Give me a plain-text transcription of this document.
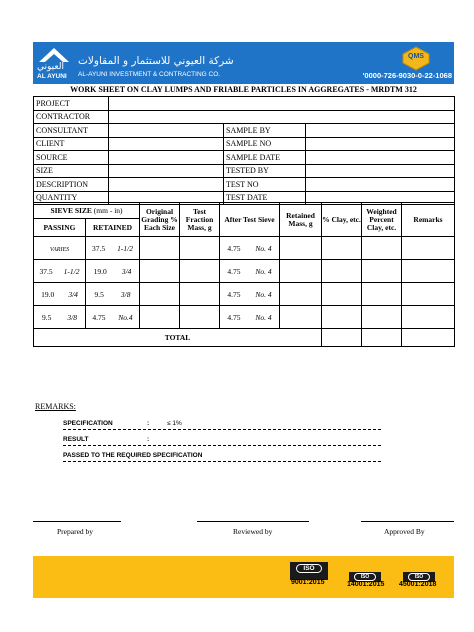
العيوني
AL AYUNI
شركة العيوني للاستثمار و المقاولات
AL-AYUNI INVESTMENT & CONTRACTING CO.
QMS
'0000-726-9030-0-22-1068
WORK SHEET ON CLAY LUMPS AND FRIABLE PARTICLES IN AGGREGATES - MRDTM 312
PROJECT			
CONTRACTOR			
CONSULTANT		SAMPLE BY	
CLIENT		SAMPLE NO	
SOURCE		SAMPLE DATE	
SIZE		TESTED BY	
DESCRIPTION		TEST NO	
QUANTITY		TEST DATE	
SIEVE SIZE (mm - in)		Original Grading % Each Size	Test Fraction Mass, g	After Test Sieve	Retained Mass, g	% Clay, etc.	Weighted Percent Clay, etc.	Remarks
PASSING	RETAINED							
VARIES	37.5 1-1/2			4.75 No. 4				

37.5 1-1/2	19.0 3/4			4.75 No. 4				

19.0 3/4	9.5 3/8			4.75 No. 4				

9.5 3/8	4.75 No.4			4.75 No. 4				

TOTAL								
REMARKS:
SPECIFICATION	:	≤ 1%
RESULT	:
PASSED TO THE REQUIRED SPECIFICATION
Prepared by	Reviewed by	Approved By
ISO
9001:2015
ISO
14001:2015
ISO
45001:2018
